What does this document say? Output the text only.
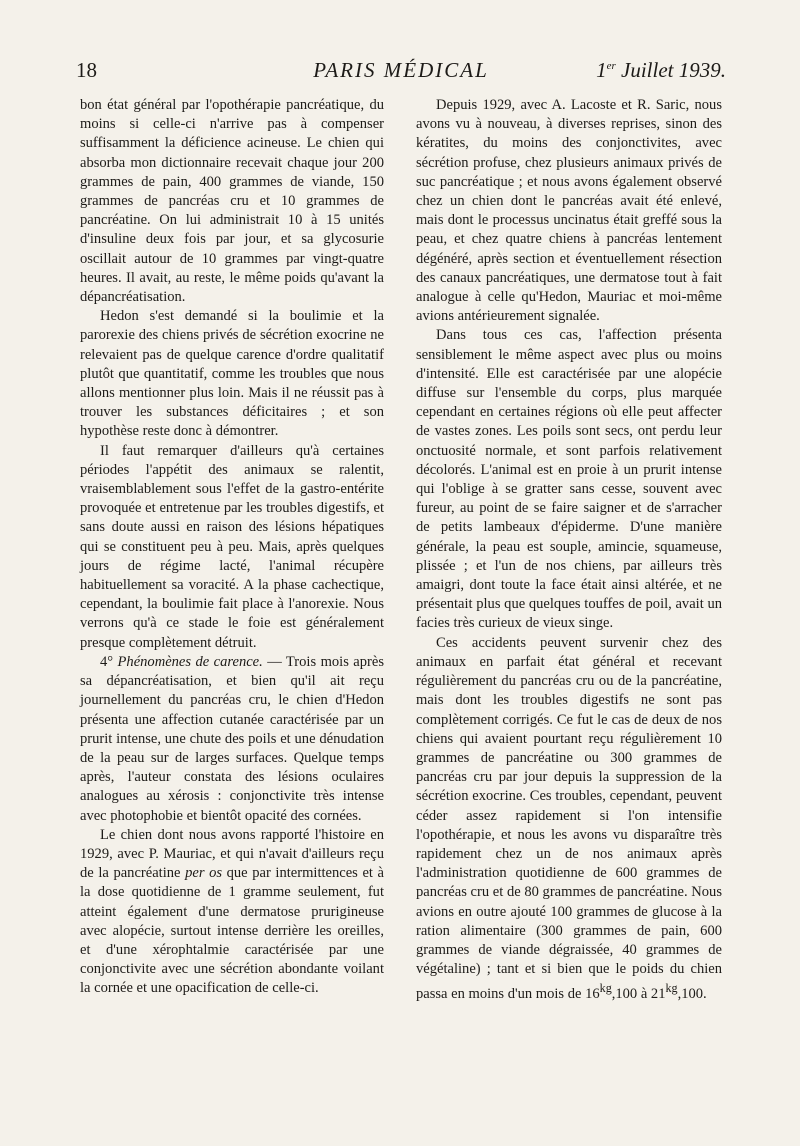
18	PARIS MÉDICAL	1er Juillet 1939.

bon état général par l'opothérapie pancréatique, du moins si celle-ci n'arrive pas à compenser suffisamment la déficience acineuse. Le chien qui absorba mon dictionnaire recevait chaque jour 200 grammes de pain, 400 grammes de viande, 150 grammes de pancréas cru et 10 grammes de pancréatine. On lui administrait 10 à 15 unités d'insuline deux fois par jour, et sa glycosurie oscillait autour de 10 grammes par vingt-quatre heures. Il avait, au reste, le même poids qu'avant la dépancréatisation.

Hedon s'est demandé si la boulimie et la parorexie des chiens privés de sécrétion exocrine ne relevaient pas de quelque carence d'ordre qualitatif plutôt que quantitatif, comme les troubles que nous allons mentionner plus loin. Mais il ne réussit pas à trouver les substances déficitaires ; et son hypothèse reste donc à démontrer.

Il faut remarquer d'ailleurs qu'à certaines périodes l'appétit des animaux se ralentit, vraisemblablement sous l'effet de la gastro-entérite provoquée et entretenue par les troubles digestifs, et sans doute aussi en raison des lésions hépatiques qui se constituent peu à peu. Mais, après quelques jours de régime lacté, l'animal récupère habituellement sa voracité. A la phase cachectique, cependant, la boulimie fait place à l'anorexie. Nous verrons qu'à ce stade le foie est généralement presque complètement détruit.

4° Phénomènes de carence. — Trois mois après sa dépancréatisation, et bien qu'il ait reçu journellement du pancréas cru, le chien d'Hedon présenta une affection cutanée caractérisée par un prurit intense, une chute des poils et une dénudation de la peau sur de larges surfaces. Quelque temps après, l'auteur constata des lésions oculaires analogues au xérosis : conjonctivite très intense avec photophobie et bientôt opacité des cornées.

Le chien dont nous avons rapporté l'histoire en 1929, avec P. Mauriac, et qui n'avait d'ailleurs reçu de la pancréatine per os que par intermittences et à la dose quotidienne de 1 gramme seulement, fut atteint également d'une dermatose prurigineuse avec alopécie, surtout intense derrière les oreilles, et d'une xérophtalmie caractérisée par une conjonctivite avec une sécrétion abondante voilant la cornée et une opacification de celle-ci.

Depuis 1929, avec A. Lacoste et R. Saric, nous avons vu à nouveau, à diverses reprises, sinon des kératites, du moins des conjonctivites, avec sécrétion profuse, chez plusieurs animaux privés de suc pancréatique ; et nous avons également observé chez un chien dont le pancréas avait été enlevé, mais dont le processus uncinatus était greffé sous la peau, et chez quatre chiens à pancréas lentement dégénéré, après section et éventuellement résection des canaux pancréatiques, une dermatose tout à fait analogue à celle qu'Hedon, Mauriac et moi-même avions antérieurement signalée.

Dans tous ces cas, l'affection présenta sensiblement le même aspect avec plus ou moins d'intensité. Elle est caractérisée par une alopécie diffuse sur l'ensemble du corps, plus marquée cependant en certaines régions où elle peut affecter de vastes zones. Les poils sont secs, ont perdu leur onctuosité normale, et sont parfois relativement décolorés. L'animal est en proie à un prurit intense qui l'oblige à se gratter sans cesse, souvent avec fureur, au point de se faire saigner et de s'arracher de petits lambeaux d'épiderme. D'une manière générale, la peau est souple, amincie, squameuse, plissée ; et l'un de nos chiens, par ailleurs très amaigri, dont toute la face était ainsi altérée, et ne présentait plus que quelques touffes de poil, avait un facies très curieux de vieux singe.

Ces accidents peuvent survenir chez des animaux en parfait état général et recevant régulièrement du pancréas cru ou de la pancréatine, mais dont les troubles digestifs ne sont pas complètement corrigés. Ce fut le cas de deux de nos chiens qui avaient pourtant reçu régulièrement 10 grammes de pancréatine ou 300 grammes de pancréas cru par jour depuis la suppression de la sécrétion exocrine. Ces troubles, cependant, peuvent céder assez rapidement si l'on intensifie l'opothérapie, et nous les avons vu disparaître très rapidement chez un de nos animaux après l'administration quotidienne de 600 grammes de pancréas cru et de 80 grammes de pancréatine. Nous avions en outre ajouté 100 grammes de glucose à la ration alimentaire (300 grammes de pain, 600 grammes de viande dégraissée, 40 grammes de végétaline) ; tant et si bien que le poids du chien passa en moins d'un mois de $16^{kg},100$ à $21^{kg},100$.
